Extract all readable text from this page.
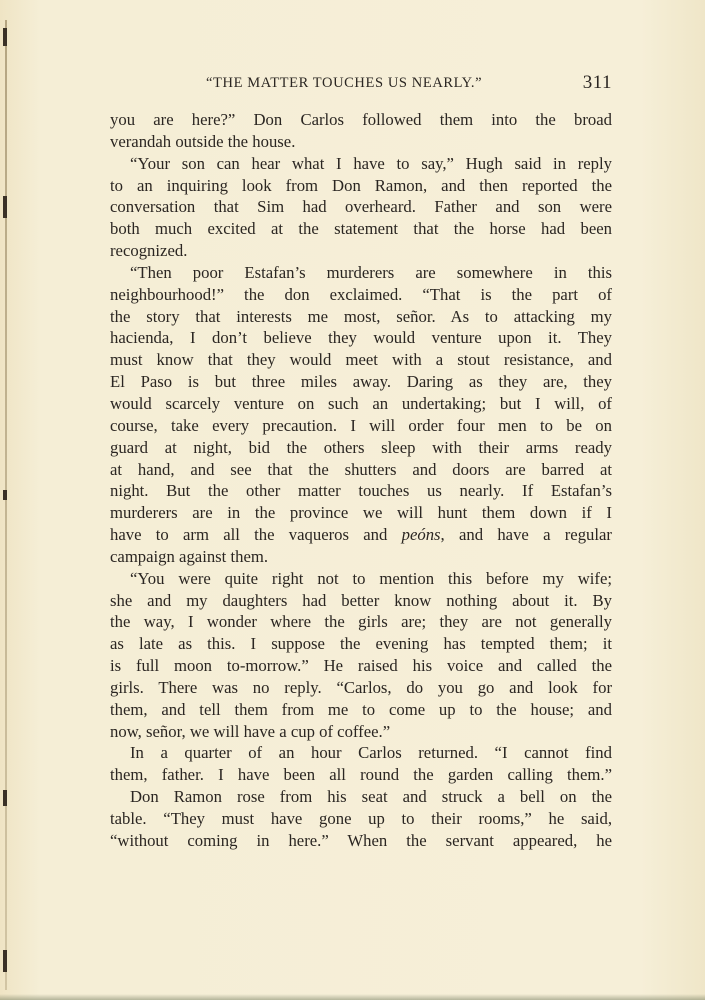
“THE MATTER TOUCHES US NEARLY.”	311
you are here?” Don Carlos followed them into the broad
verandah outside the house.
“Your son can hear what I have to say,” Hugh said in reply
to an inquiring look from Don Ramon, and then reported the
conversation that Sim had overheard. Father and son were
both much excited at the statement that the horse had been
recognized.
“Then poor Estafan’s murderers are somewhere in this
neighbourhood!” the don exclaimed. “That is the part of
the story that interests me most, señor. As to attacking my
hacienda, I don’t believe they would venture upon it. They
must know that they would meet with a stout resistance, and
El Paso is but three miles away. Daring as they are, they
would scarcely venture on such an undertaking; but I will, of
course, take every precaution. I will order four men to be on
guard at night, bid the others sleep with their arms ready
at hand, and see that the shutters and doors are barred at
night. But the other matter touches us nearly. If Estafan’s
murderers are in the province we will hunt them down if I
have to arm all the vaqueros and peóns, and have a regular
campaign against them.
“You were quite right not to mention this before my wife;
she and my daughters had better know nothing about it. By
the way, I wonder where the girls are; they are not generally
as late as this. I suppose the evening has tempted them; it
is full moon to-morrow.” He raised his voice and called the
girls. There was no reply. “Carlos, do you go and look for
them, and tell them from me to come up to the house; and
now, señor, we will have a cup of coffee.”
In a quarter of an hour Carlos returned. “I cannot find
them, father. I have been all round the garden calling them.”
Don Ramon rose from his seat and struck a bell on the
table. “They must have gone up to their rooms,” he said,
“without coming in here.” When the servant appeared, he
